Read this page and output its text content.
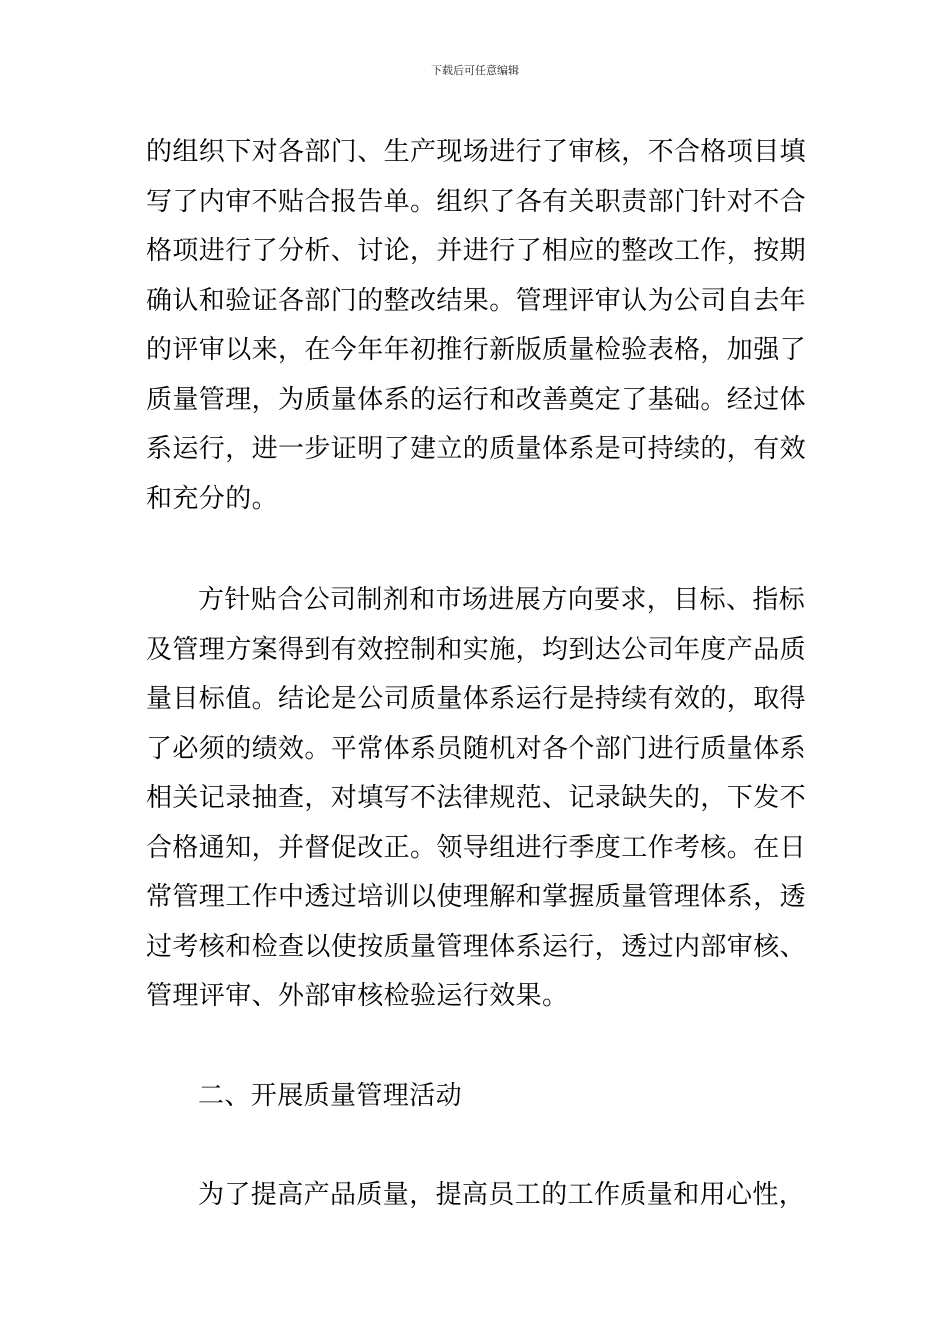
下载后可任意编辑

的组织下对各部门、生产现场进行了审核，不合格项目填写了内审不贴合报告单。组织了各有关职责部门针对不合格项进行了分析、讨论，并进行了相应的整改工作，按期确认和验证各部门的整改结果。管理评审认为公司自去年的评审以来，在今年年初推行新版质量检验表格，加强了质量管理，为质量体系的运行和改善奠定了基础。经过体系运行，进一步证明了建立的质量体系是可持续的，有效和充分的。

方针贴合公司制剂和市场进展方向要求，目标、指标及管理方案得到有效控制和实施，均到达公司年度产品质量目标值。结论是公司质量体系运行是持续有效的，取得了必须的绩效。平常体系员随机对各个部门进行质量体系相关记录抽查，对填写不法律规范、记录缺失的，下发不合格通知，并督促改正。领导组进行季度工作考核。在日常管理工作中透过培训以使理解和掌握质量管理体系，透过考核和检查以使按质量管理体系运行，透过内部审核、管理评审、外部审核检验运行效果。

二、开展质量管理活动

为了提高产品质量，提高员工的工作质量和用心性，
